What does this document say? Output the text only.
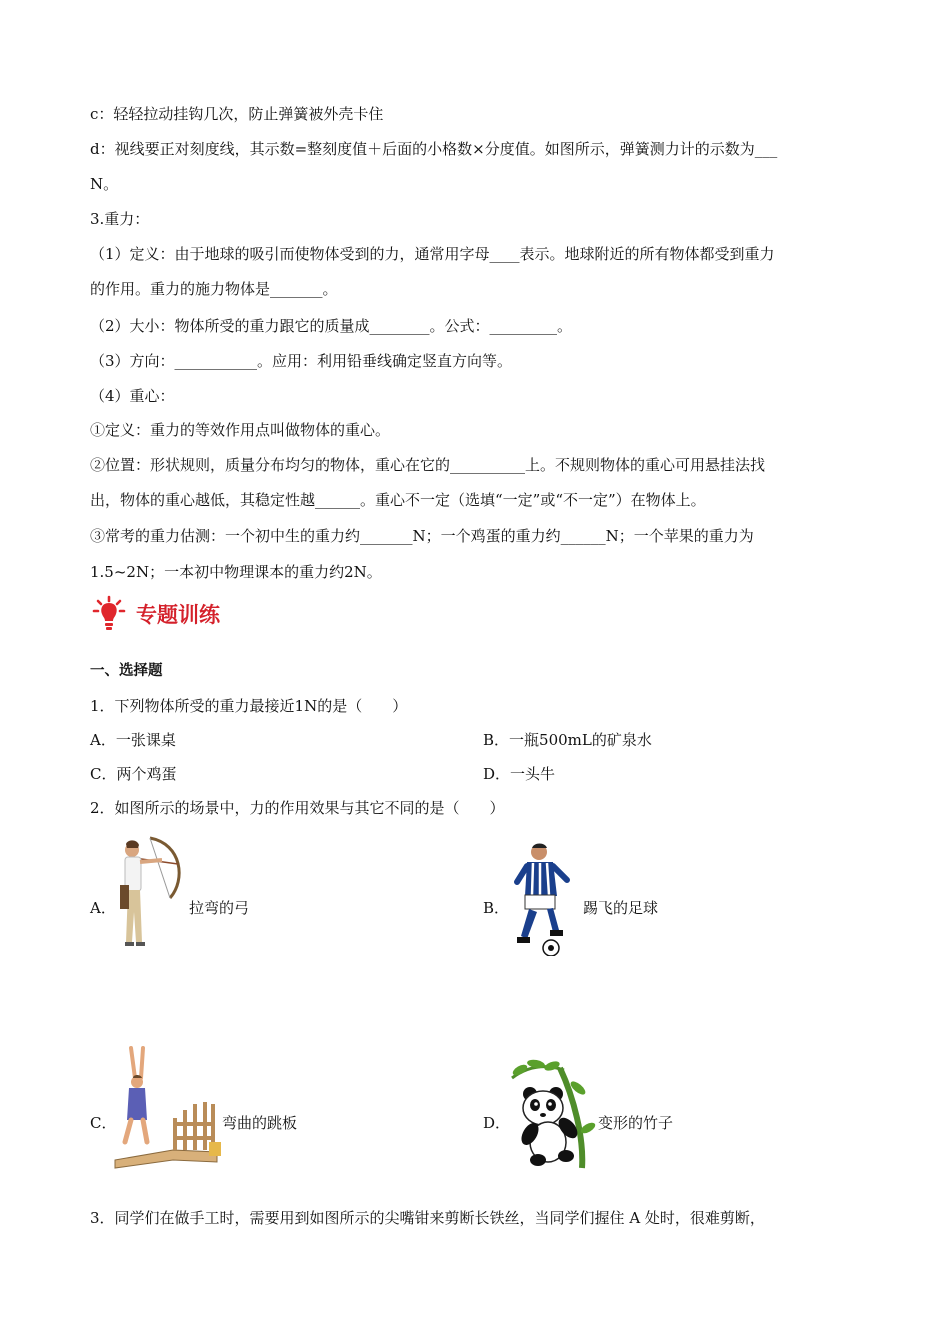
c：轻轻拉动挂钩几次，防止弹簧被外壳卡住
d：视线要正对刻度线，其示数=整刻度值＋后面的小格数×分度值。如图所示，弹簧测力计的示数为___
N。
3.重力：
（1）定义：由于地球的吸引而使物体受到的力，通常用字母____表示。地球附近的所有物体都受到重力
的作用。重力的施力物体是_______。
（2）大小：物体所受的重力跟它的质量成________。公式：_________。
（3）方向：___________。应用：利用铅垂线确定竖直方向等。
（4）重心：
①定义：重力的等效作用点叫做物体的重心。
②位置：形状规则，质量分布均匀的物体，重心在它的__________上。不规则物体的重心可用悬挂法找
出，物体的重心越低，其稳定性越______。重心不一定（选填“一定”或“不一定”）在物体上。
③常考的重力估测：一个初中生的重力约_______N；一个鸡蛋的重力约______N；一个苹果的重力为
1.5~2N；一本初中物理课本的重力约2N。
专题训练
一、选择题
1．下列物体所受的重力最接近1N的是（　　）
A．一张课桌	B．一瓶500mL的矿泉水
C．两个鸡蛋	D．一头牛
2．如图所示的场景中，力的作用效果与其它不同的是（　　）
A．	拉弯的弓	B．	踢飞的足球
C．	弯曲的跳板	D．	变形的竹子
3．同学们在做手工时，需要用到如图所示的尖嘴钳来剪断长铁丝，当同学们握住 A 处时，很难剪断，
